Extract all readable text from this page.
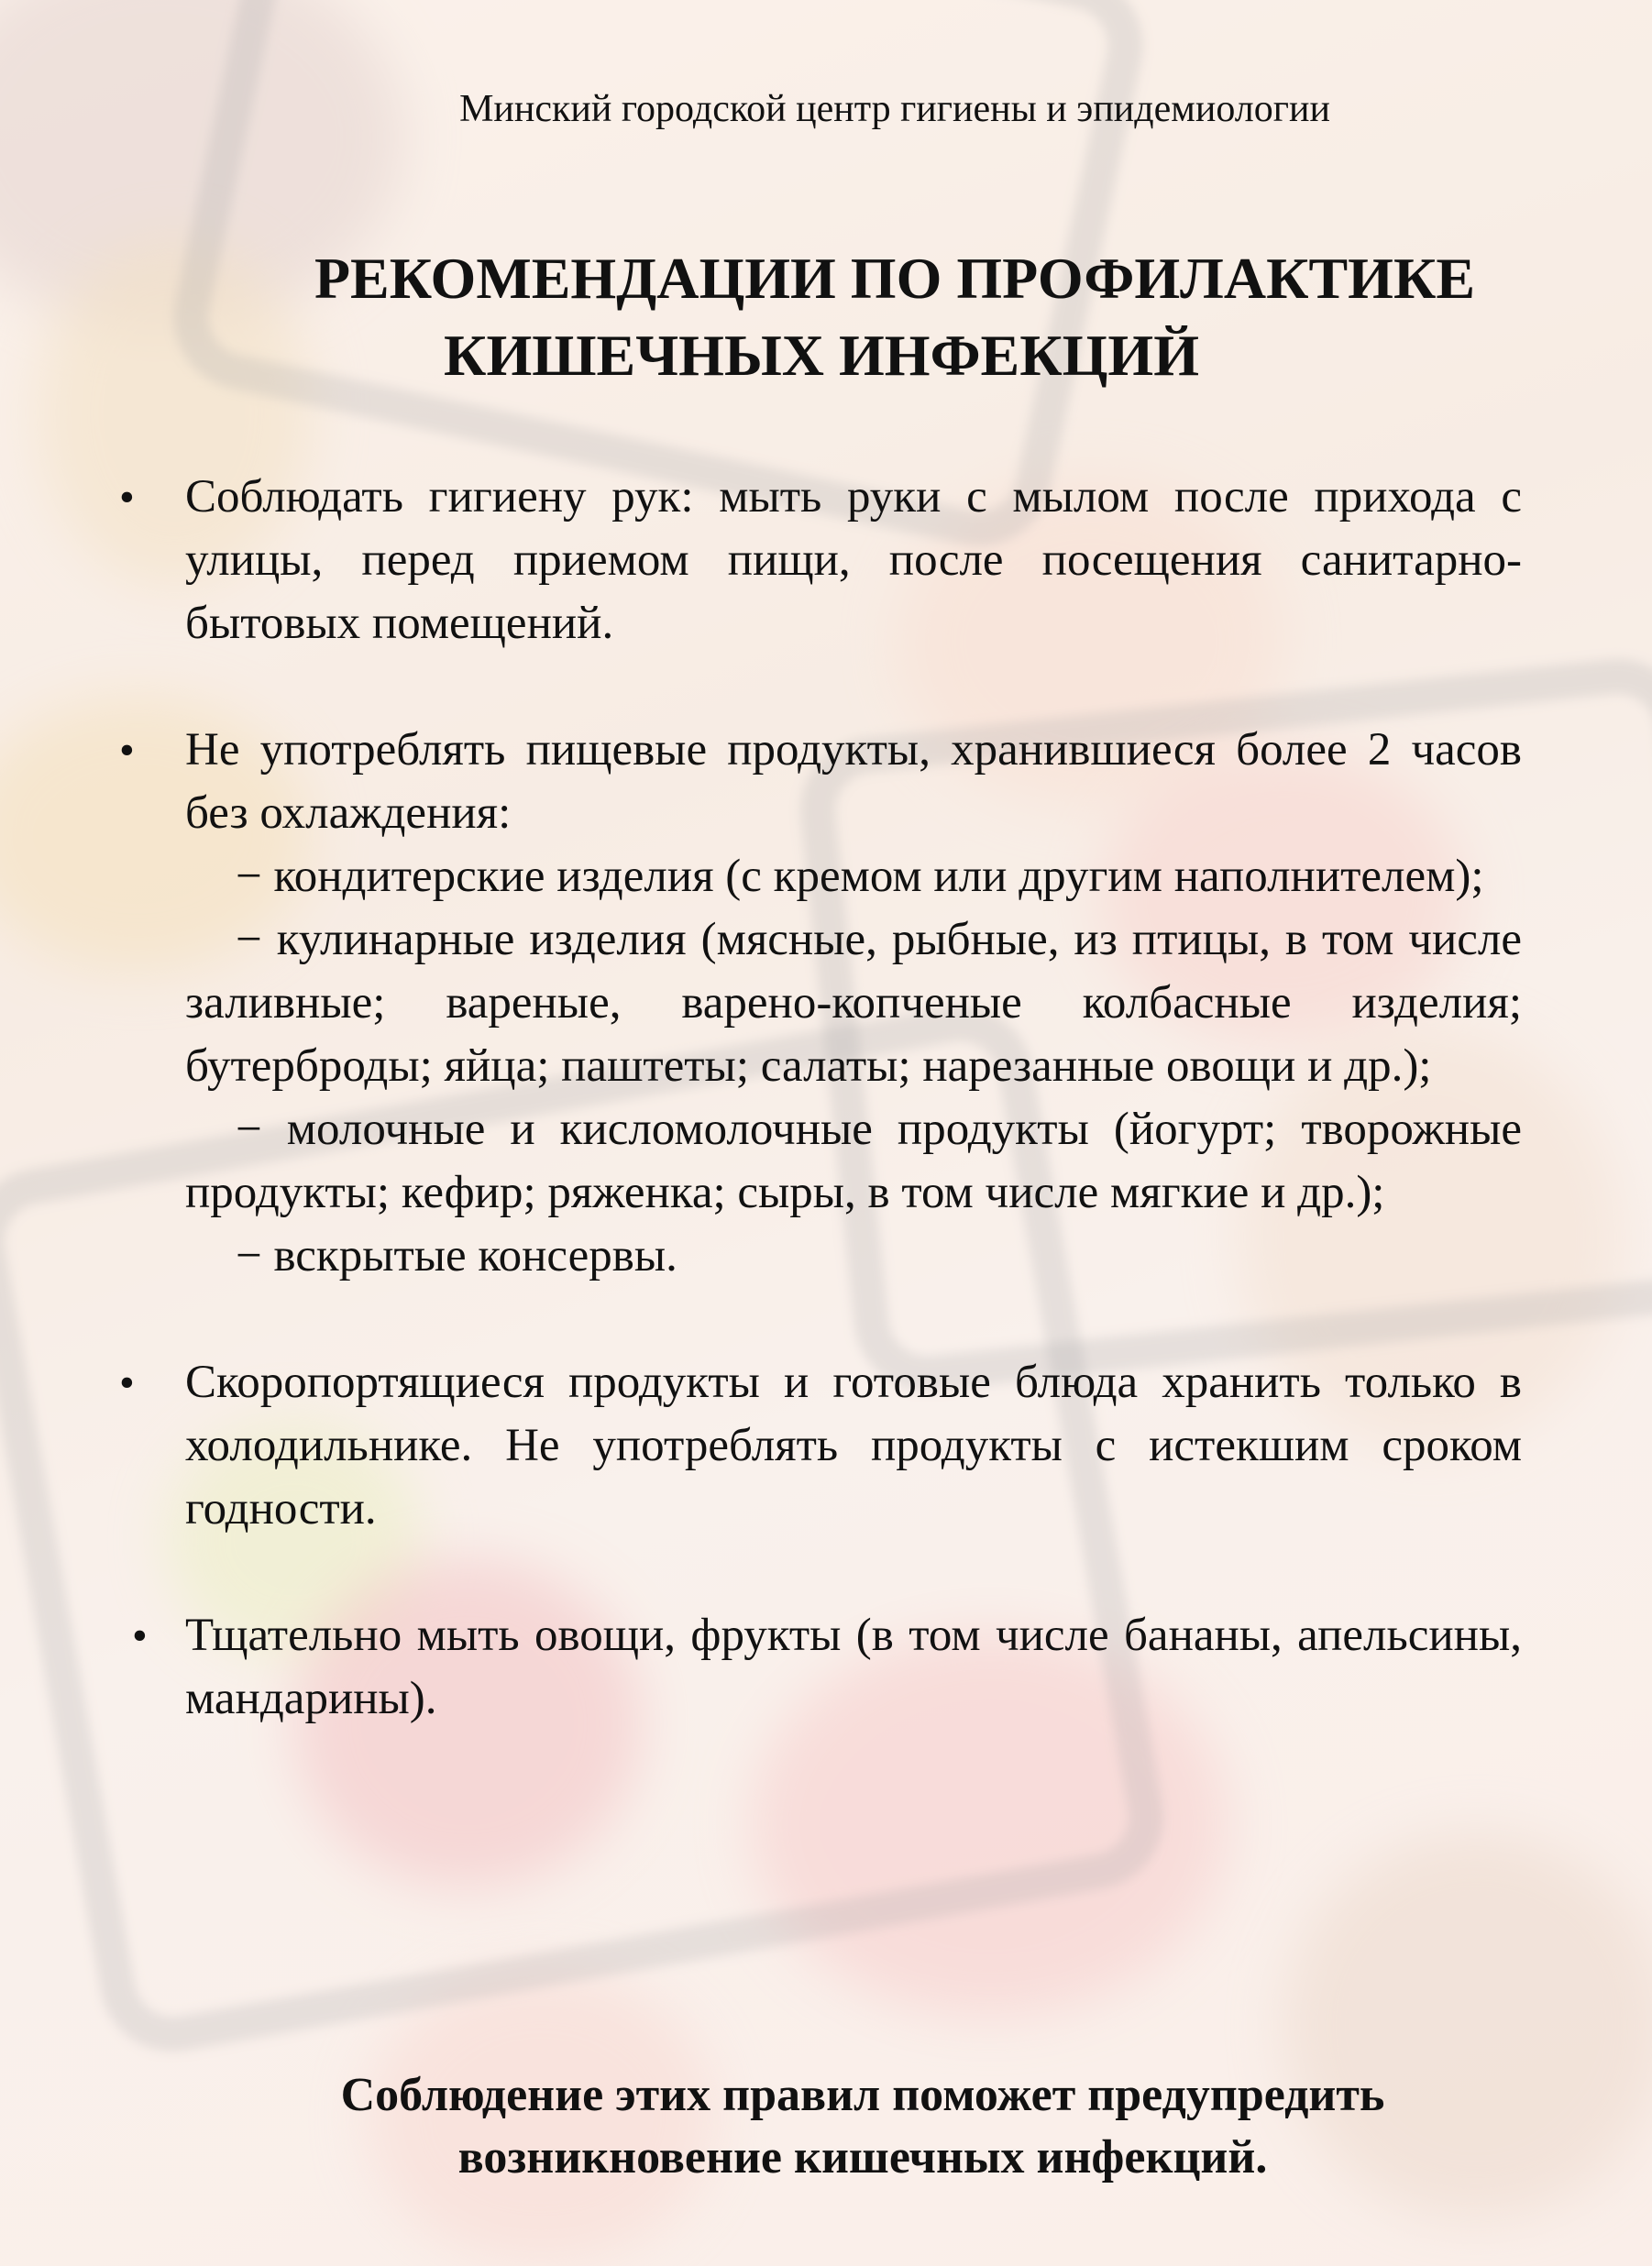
Минский городской центр гигиены и эпидемиологии
РЕКОМЕНДАЦИИ ПО ПРОФИЛАКТИКЕ
КИШЕЧНЫХ ИНФЕКЦИЙ

• Соблюдать гигиену рук: мыть руки с мылом после прихода с улицы, перед приемом пищи, после посещения санитарно-бытовых помещений.

• Не употреблять пищевые продукты, хранившиеся более 2 часов без охлаждения:

− кондитерские изделия (с кремом или другим наполнителем);

− кулинарные изделия (мясные, рыбные, из птицы, в том числе заливные; вареные, варено-копченые колбасные изделия; бутерброды; яйца; паштеты; салаты; нарезанные овощи и др.);

− молочные и кисломолочные продукты (йогурт; творожные продукты; кефир; ряженка; сыры, в том числе мягкие и др.);

− вскрытые консервы.

• Скоропортящиеся продукты и готовые блюда хранить только в холодильнике. Не употреблять продукты с истекшим сроком годности.

• Тщательно мыть овощи, фрукты (в том числе бананы, апельсины, мандарины).

Соблюдение этих правил поможет предупредить
возникновение кишечных инфекций.
